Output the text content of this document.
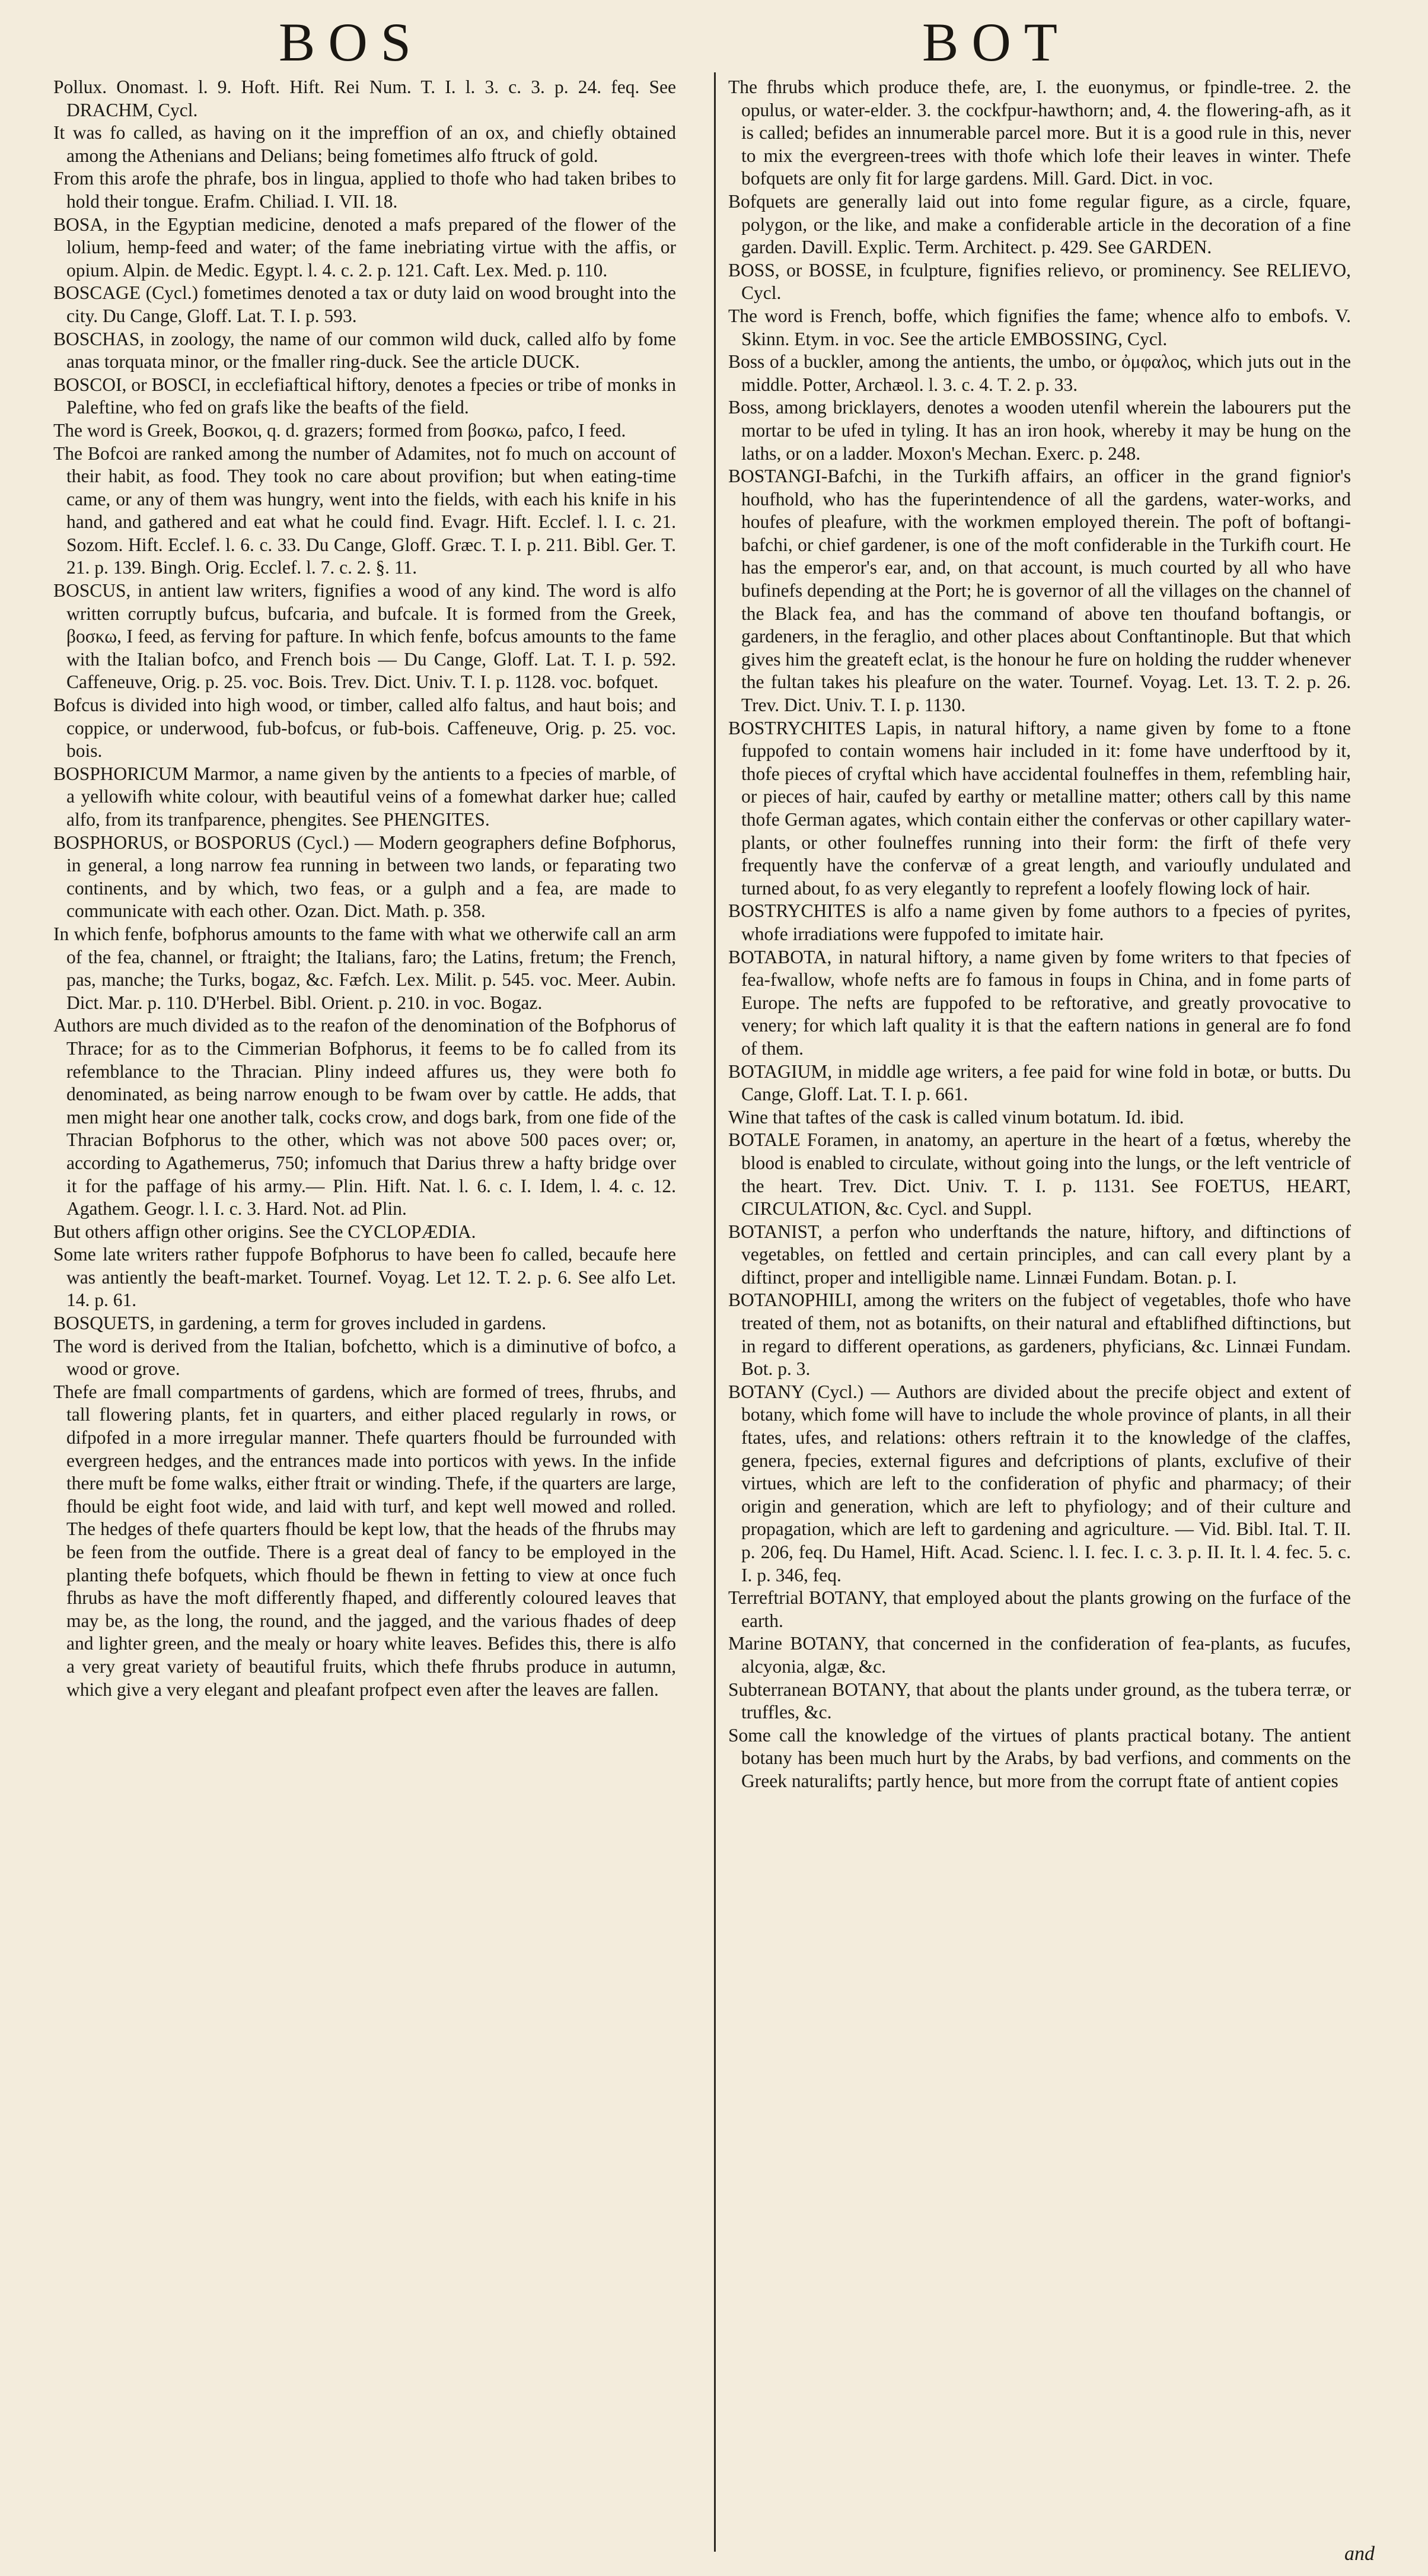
BOS	BOT

Pollux. Onomast. l. 9. Hoft. Hift. Rei Num. T. I. l. 3. c. 3. p. 24. feq. See DRACHM, Cycl.

It was fo called, as having on it the impreffion of an ox, and chiefly obtained among the Athenians and Delians; being fometimes alfo ftruck of gold.

From this arofe the phrafe, bos in lingua, applied to thofe who had taken bribes to hold their tongue. Erafm. Chiliad. I. VII. 18.

BOSA, in the Egyptian medicine, denoted a mafs prepared of the flower of the lolium, hemp-feed and water; of the fame inebriating virtue with the affis, or opium. Alpin. de Medic. Egypt. l. 4. c. 2. p. 121. Caft. Lex. Med. p. 110.

BOSCAGE (Cycl.) fometimes denoted a tax or duty laid on wood brought into the city. Du Cange, Gloff. Lat. T. I. p. 593.

BOSCHAS, in zoology, the name of our common wild duck, called alfo by fome anas torquata minor, or the fmaller ring-duck. See the article DUCK.

BOSCOI, or BOSCI, in ecclefiaftical hiftory, denotes a fpecies or tribe of monks in Paleftine, who fed on grafs like the beafts of the field.

The word is Greek, Βοσκοι, q. d. grazers; formed from βοσκω, pafco, I feed.

The Bofcoi are ranked among the number of Adamites, not fo much on account of their habit, as food. They took no care about provifion; but when eating-time came, or any of them was hungry, went into the fields, with each his knife in his hand, and gathered and eat what he could find. Evagr. Hift. Ecclef. l. I. c. 21. Sozom. Hift. Ecclef. l. 6. c. 33. Du Cange, Gloff. Græc. T. I. p. 211. Bibl. Ger. T. 21. p. 139. Bingh. Orig. Ecclef. l. 7. c. 2. §. 11.

BOSCUS, in antient law writers, fignifies a wood of any kind. The word is alfo written corruptly bufcus, bufcaria, and bufcale. It is formed from the Greek, βοσκω, I feed, as ferving for pafture. In which fenfe, bofcus amounts to the fame with the Italian bofco, and French bois — Du Cange, Gloff. Lat. T. I. p. 592. Caffeneuve, Orig. p. 25. voc. Bois. Trev. Dict. Univ. T. I. p. 1128. voc. bofquet.

Bofcus is divided into high wood, or timber, called alfo faltus, and haut bois; and coppice, or underwood, fub-bofcus, or fub-bois. Caffeneuve, Orig. p. 25. voc. bois.

BOSPHORICUM Marmor, a name given by the antients to a fpecies of marble, of a yellowifh white colour, with beautiful veins of a fomewhat darker hue; called alfo, from its tranfparence, phengites. See PHENGITES.

BOSPHORUS, or BOSPORUS (Cycl.) — Modern geographers define Bofphorus, in general, a long narrow fea running in between two lands, or feparating two continents, and by which, two feas, or a gulph and a fea, are made to communicate with each other. Ozan. Dict. Math. p. 358.

In which fenfe, bofphorus amounts to the fame with what we otherwife call an arm of the fea, channel, or ftraight; the Italians, faro; the Latins, fretum; the French, pas, manche; the Turks, bogaz, &c. Fæfch. Lex. Milit. p. 545. voc. Meer. Aubin. Dict. Mar. p. 110. D'Herbel. Bibl. Orient. p. 210. in voc. Bogaz.

Authors are much divided as to the reafon of the denomination of the Bofphorus of Thrace; for as to the Cimmerian Bofphorus, it feems to be fo called from its refemblance to the Thracian. Pliny indeed affures us, they were both fo denominated, as being narrow enough to be fwam over by cattle. He adds, that men might hear one another talk, cocks crow, and dogs bark, from one fide of the Thracian Bofphorus to the other, which was not above 500 paces over; or, according to Agathemerus, 750; infomuch that Darius threw a hafty bridge over it for the paffage of his army.— Plin. Hift. Nat. l. 6. c. I. Idem, l. 4. c. 12. Agathem. Geogr. l. I. c. 3. Hard. Not. ad Plin.

But others affign other origins. See the CYCLOPÆDIA.

Some late writers rather fuppofe Bofphorus to have been fo called, becaufe here was antiently the beaft-market. Tournef. Voyag. Let 12. T. 2. p. 6. See alfo Let. 14. p. 61.

BOSQUETS, in gardening, a term for groves included in gardens.

The word is derived from the Italian, bofchetto, which is a diminutive of bofco, a wood or grove.

Thefe are fmall compartments of gardens, which are formed of trees, fhrubs, and tall flowering plants, fet in quarters, and either placed regularly in rows, or difpofed in a more irregular manner. Thefe quarters fhould be furrounded with evergreen hedges, and the entrances made into porticos with yews. In the infide there muft be fome walks, either ftrait or winding. Thefe, if the quarters are large, fhould be eight foot wide, and laid with turf, and kept well mowed and rolled. The hedges of thefe quarters fhould be kept low, that the heads of the fhrubs may be feen from the outfide. There is a great deal of fancy to be employed in the planting thefe bofquets, which fhould be fhewn in fetting to view at once fuch fhrubs as have the moft differently fhaped, and differently coloured leaves that may be, as the long, the round, and the jagged, and the various fhades of deep and lighter green, and the mealy or hoary white leaves. Befides this, there is alfo a very great variety of beautiful fruits, which thefe fhrubs produce in autumn, which give a very elegant and pleafant profpect even after the leaves are fallen.

The fhrubs which produce thefe, are, I. the euonymus, or fpindle-tree. 2. the opulus, or water-elder. 3. the cockfpur-hawthorn; and, 4. the flowering-afh, as it is called; befides an innumerable parcel more. But it is a good rule in this, never to mix the evergreen-trees with thofe which lofe their leaves in winter. Thefe bofquets are only fit for large gardens. Mill. Gard. Dict. in voc.

Bofquets are generally laid out into fome regular figure, as a circle, fquare, polygon, or the like, and make a confiderable article in the decoration of a fine garden. Davill. Explic. Term. Architect. p. 429. See GARDEN.

BOSS, or BOSSE, in fculpture, fignifies relievo, or prominency. See RELIEVO, Cycl.

The word is French, boffe, which fignifies the fame; whence alfo to embofs. V. Skinn. Etym. in voc. See the article EMBOSSING, Cycl.

Boss of a buckler, among the antients, the umbo, or ὀμφαλος, which juts out in the middle. Potter, Archæol. l. 3. c. 4. T. 2. p. 33.

Boss, among bricklayers, denotes a wooden utenfil wherein the labourers put the mortar to be ufed in tyling. It has an iron hook, whereby it may be hung on the laths, or on a ladder. Moxon's Mechan. Exerc. p. 248.

BOSTANGI-Bafchi, in the Turkifh affairs, an officer in the grand fignior's houfhold, who has the fuperintendence of all the gardens, water-works, and houfes of pleafure, with the workmen employed therein. The poft of boftangi-bafchi, or chief gardener, is one of the moft confiderable in the Turkifh court. He has the emperor's ear, and, on that account, is much courted by all who have bufinefs depending at the Port; he is governor of all the villages on the channel of the Black fea, and has the command of above ten thoufand boftangis, or gardeners, in the feraglio, and other places about Conftantinople. But that which gives him the greateft eclat, is the honour he fure on holding the rudder whenever the fultan takes his pleafure on the water. Tournef. Voyag. Let. 13. T. 2. p. 26. Trev. Dict. Univ. T. I. p. 1130.

BOSTRYCHITES Lapis, in natural hiftory, a name given by fome to a ftone fuppofed to contain womens hair included in it: fome have underftood by it, thofe pieces of cryftal which have accidental foulneffes in them, refembling hair, or pieces of hair, caufed by earthy or metalline matter; others call by this name thofe German agates, which contain either the confervas or other capillary water-plants, or other foulneffes running into their form: the firft of thefe very frequently have the confervæ of a great length, and varioufly undulated and turned about, fo as very elegantly to reprefent a loofely flowing lock of hair.

BOSTRYCHITES is alfo a name given by fome authors to a fpecies of pyrites, whofe irradiations were fuppofed to imitate hair.

BOTABOTA, in natural hiftory, a name given by fome writers to that fpecies of fea-fwallow, whofe nefts are fo famous in foups in China, and in fome parts of Europe. The nefts are fuppofed to be reftorative, and greatly provocative to venery; for which laft quality it is that the eaftern nations in general are fo fond of them.

BOTAGIUM, in middle age writers, a fee paid for wine fold in botæ, or butts. Du Cange, Gloff. Lat. T. I. p. 661.

Wine that taftes of the cask is called vinum botatum. Id. ibid.

BOTALE Foramen, in anatomy, an aperture in the heart of a fœtus, whereby the blood is enabled to circulate, without going into the lungs, or the left ventricle of the heart. Trev. Dict. Univ. T. I. p. 1131. See FOETUS, HEART, CIRCULATION, &c. Cycl. and Suppl.

BOTANIST, a perfon who underftands the nature, hiftory, and diftinctions of vegetables, on fettled and certain principles, and can call every plant by a diftinct, proper and intelligible name. Linnæi Fundam. Botan. p. I.

BOTANOPHILI, among the writers on the fubject of vegetables, thofe who have treated of them, not as botanifts, on their natural and eftablifhed diftinctions, but in regard to different operations, as gardeners, phyficians, &c. Linnæi Fundam. Bot. p. 3.

BOTANY (Cycl.) — Authors are divided about the precife object and extent of botany, which fome will have to include the whole province of plants, in all their ftates, ufes, and relations: others reftrain it to the knowledge of the claffes, genera, fpecies, external figures and defcriptions of plants, exclufive of their virtues, which are left to the confideration of phyfic and pharmacy; of their origin and generation, which are left to phyfiology; and of their culture and propagation, which are left to gardening and agriculture. — Vid. Bibl. Ital. T. II. p. 206, feq. Du Hamel, Hift. Acad. Scienc. l. I. fec. I. c. 3. p. II. It. l. 4. fec. 5. c. I. p. 346, feq.

Terreftrial BOTANY, that employed about the plants growing on the furface of the earth.

Marine BOTANY, that concerned in the confideration of fea-plants, as fucufes, alcyonia, algæ, &c.

Subterranean BOTANY, that about the plants under ground, as the tubera terræ, or truffles, &c.

Some call the knowledge of the virtues of plants practical botany. The antient botany has been much hurt by the Arabs, by bad verfions, and comments on the Greek naturalifts; partly hence, but more from the corrupt ftate of antient copies

and
